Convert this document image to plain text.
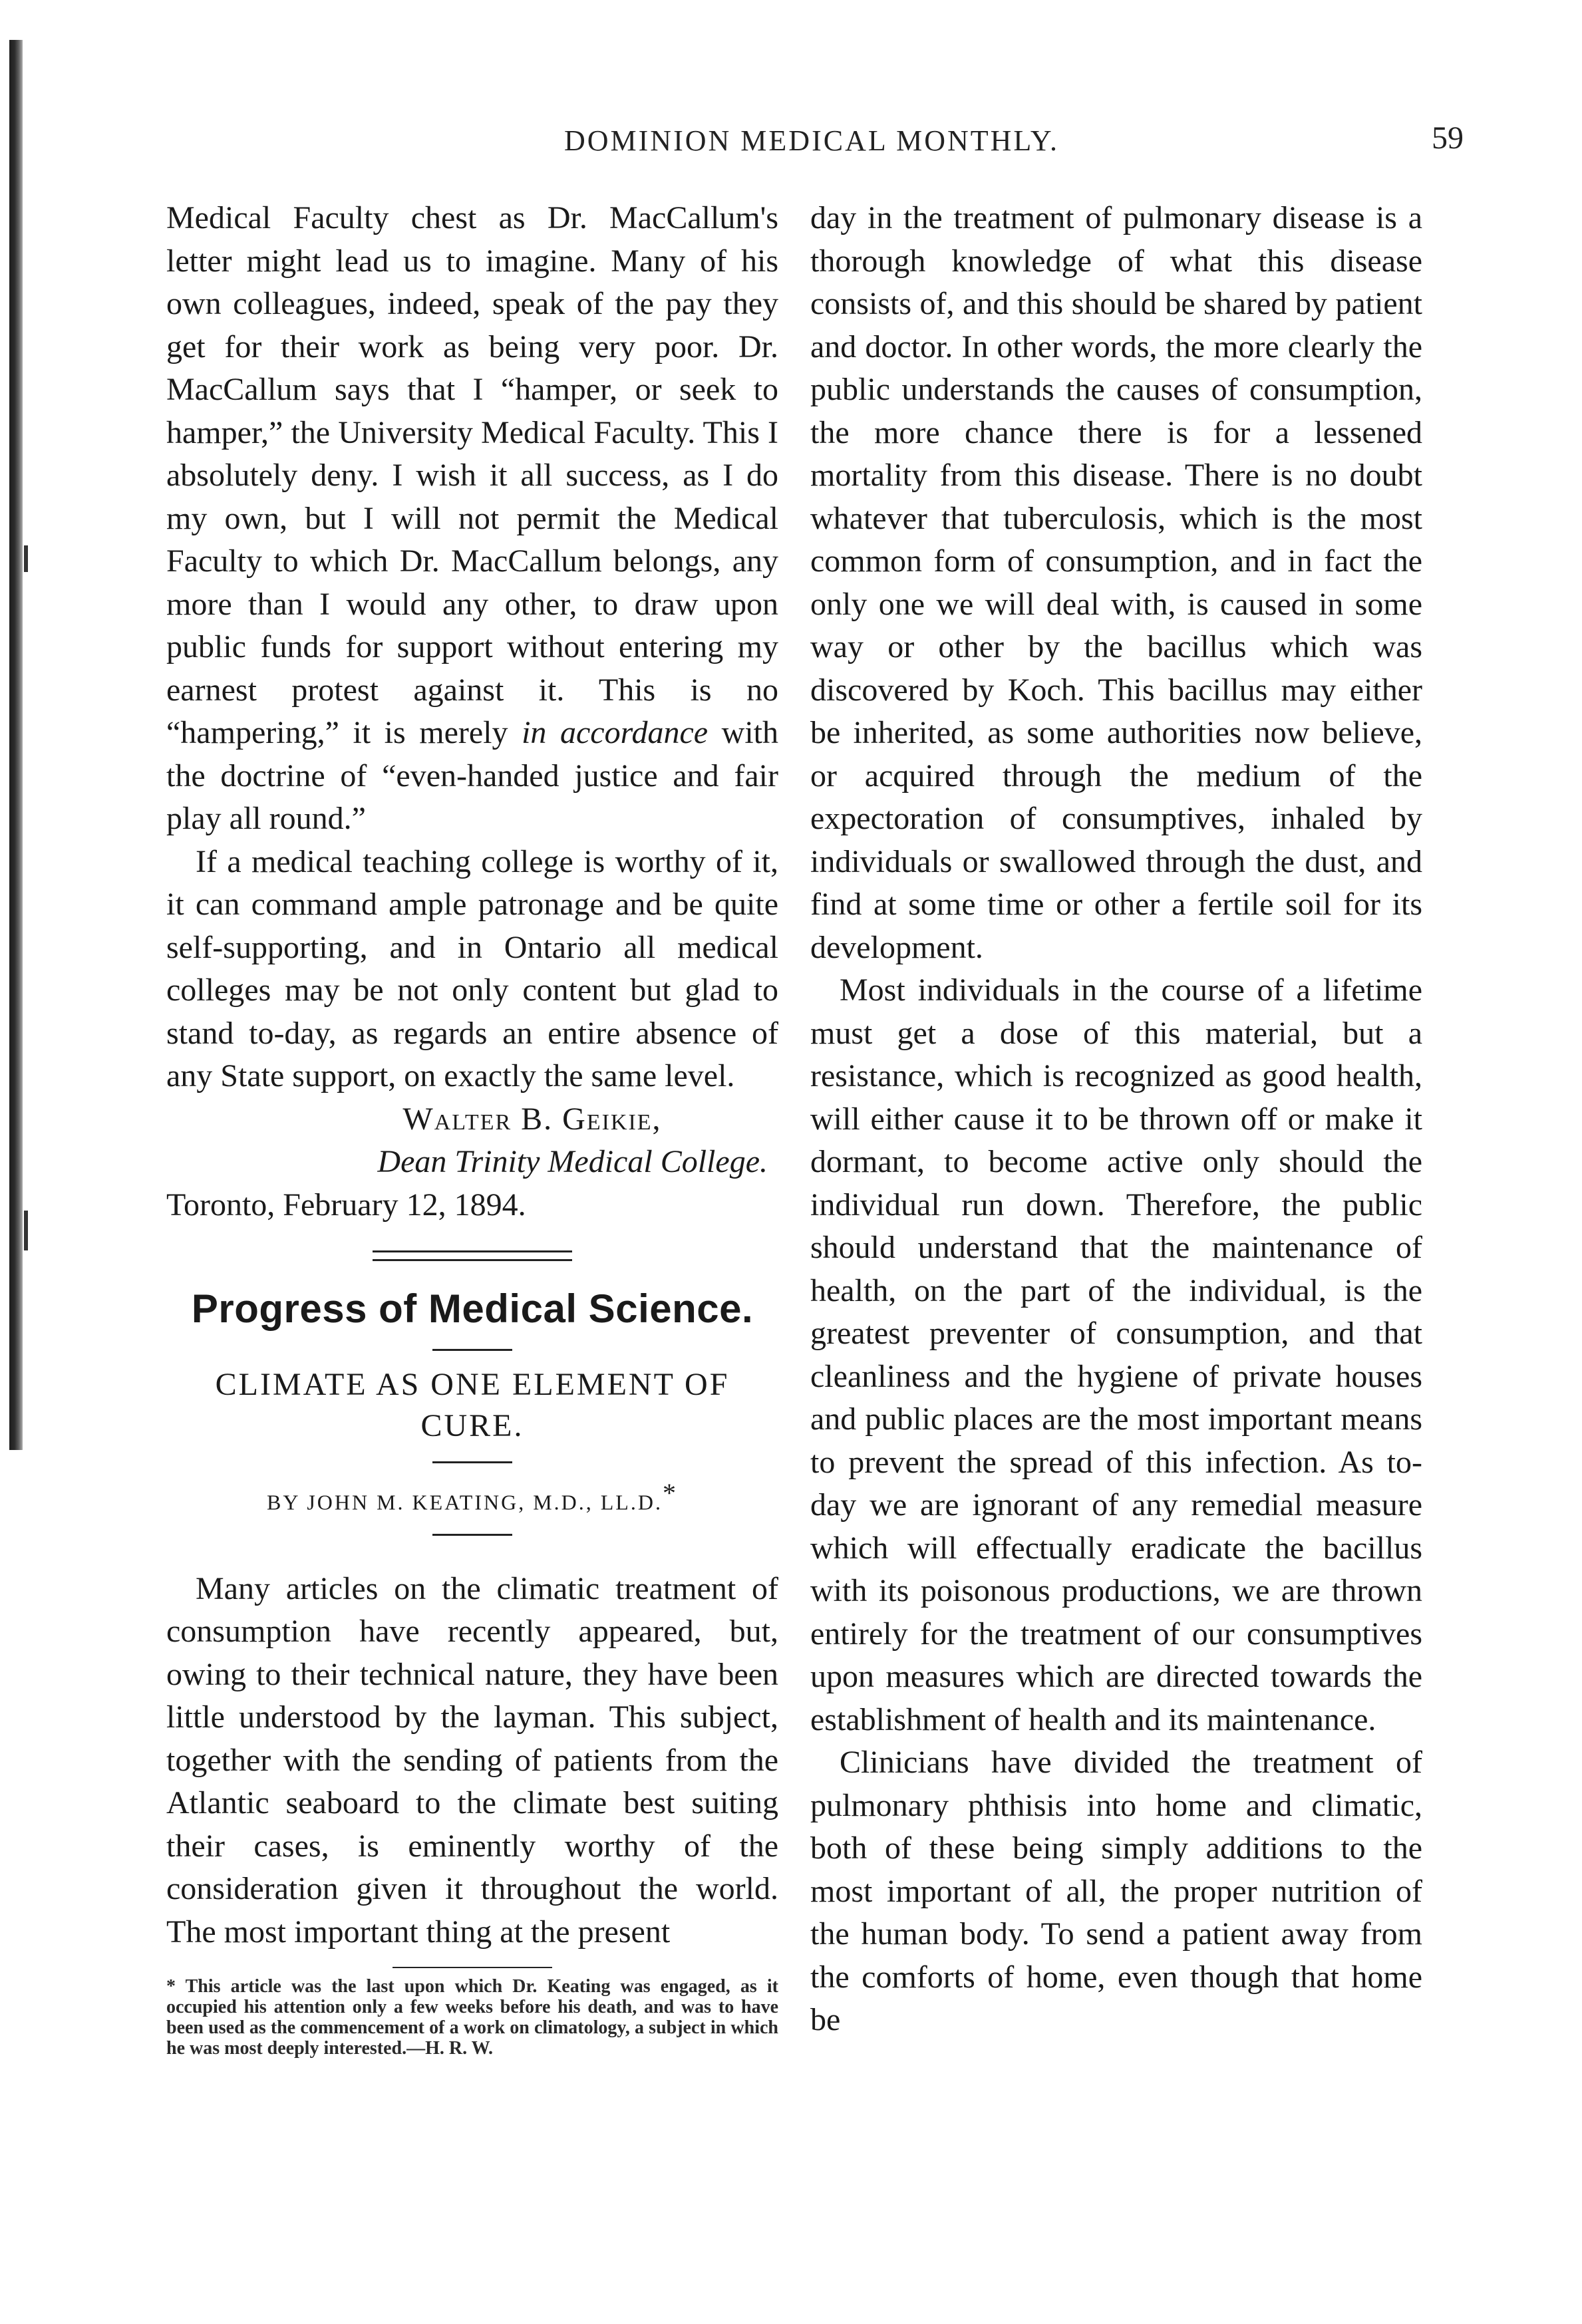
DOMINION MEDICAL MONTHLY.	59

Medical Faculty chest as Dr. MacCallum's letter might lead us to imagine. Many of his own colleagues, indeed, speak of the pay they get for their work as being very poor. Dr. MacCallum says that I “hamper, or seek to hamper,” the University Medical Faculty. This I absolutely deny. I wish it all success, as I do my own, but I will not permit the Medical Faculty to which Dr. MacCallum belongs, any more than I would any other, to draw upon public funds for support without entering my earnest protest against it. This is no “hampering,” it is merely in accordance with the doctrine of “even-handed justice and fair play all round.”

If a medical teaching college is worthy of it, it can command ample patronage and be quite self-supporting, and in Ontario all medical colleges may be not only content but glad to stand to-day, as regards an entire absence of any State support, on exactly the same level.

Walter B. Geikie,

Dean Trinity Medical College.

Toronto, February 12, 1894.

Progress of Medical Science.

CLIMATE AS ONE ELEMENT OF

CURE.

BY JOHN M. KEATING, M.D., LL.D.*

Many articles on the climatic treatment of consumption have recently appeared, but, owing to their technical nature, they have been little understood by the layman. This subject, together with the sending of patients from the Atlantic seaboard to the climate best suiting their cases, is eminently worthy of the consideration given it throughout the world. The most important thing at the present

* This article was the last upon which Dr. Keating was engaged, as it occupied his attention only a few weeks before his death, and was to have been used as the commencement of a work on climatology, a subject in which he was most deeply interested.—H. R. W.

day in the treatment of pulmonary disease is a thorough knowledge of what this disease consists of, and this should be shared by patient and doctor. In other words, the more clearly the public understands the causes of consumption, the more chance there is for a lessened mortality from this disease. There is no doubt whatever that tuberculosis, which is the most common form of consumption, and in fact the only one we will deal with, is caused in some way or other by the bacillus which was discovered by Koch. This bacillus may either be inherited, as some authorities now believe, or acquired through the medium of the expectoration of consumptives, inhaled by individuals or swallowed through the dust, and find at some time or other a fertile soil for its development.

Most individuals in the course of a lifetime must get a dose of this material, but a resistance, which is recognized as good health, will either cause it to be thrown off or make it dormant, to become active only should the individual run down. Therefore, the public should understand that the maintenance of health, on the part of the individual, is the greatest preventer of consumption, and that cleanliness and the hygiene of private houses and public places are the most important means to prevent the spread of this infection. As to-day we are ignorant of any remedial measure which will effectually eradicate the bacillus with its poisonous productions, we are thrown entirely for the treatment of our consumptives upon measures which are directed towards the establishment of health and its maintenance.

Clinicians have divided the treatment of pulmonary phthisis into home and climatic, both of these being simply additions to the most important of all, the proper nutrition of the human body. To send a patient away from the comforts of home, even though that home be
